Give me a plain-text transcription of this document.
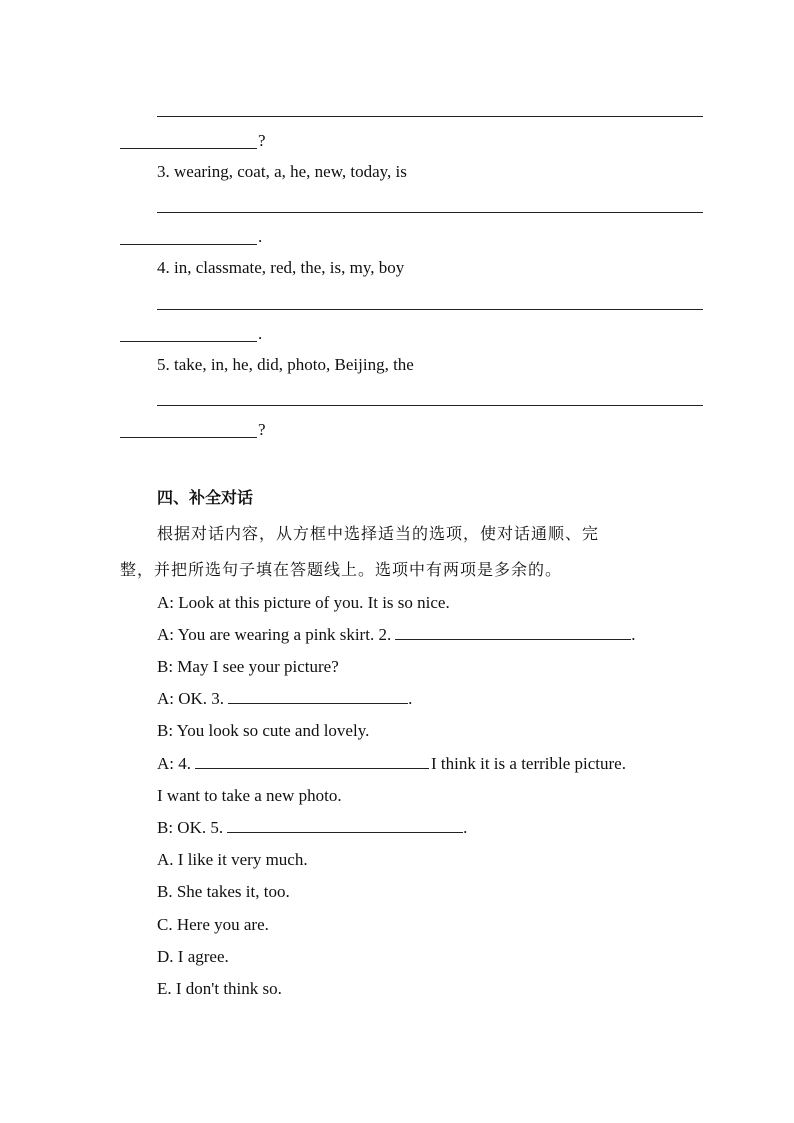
?
3. wearing, coat, a, he, new, today, is
.
4. in, classmate, red, the, is, my, boy
.
5. take, in, he, did, photo, Beijing, the
?
四、补全对话
根据对话内容，从方框中选择适当的选项，使对话通顺、完
整，并把所选句子填在答题线上。选项中有两项是多余的。
A: Look at this picture of you. It is so nice.
A: You are wearing a pink skirt. 2.	.
B: May I see your picture?
A: OK. 3.	.
B: You look so cute and lovely.
A: 4.	I think it is a terrible picture.
I want to take a new photo.
B: OK. 5.	.
A. I like it very much.
B. She takes it, too.
C. Here you are.
D. I agree.
E. I don't think so.
